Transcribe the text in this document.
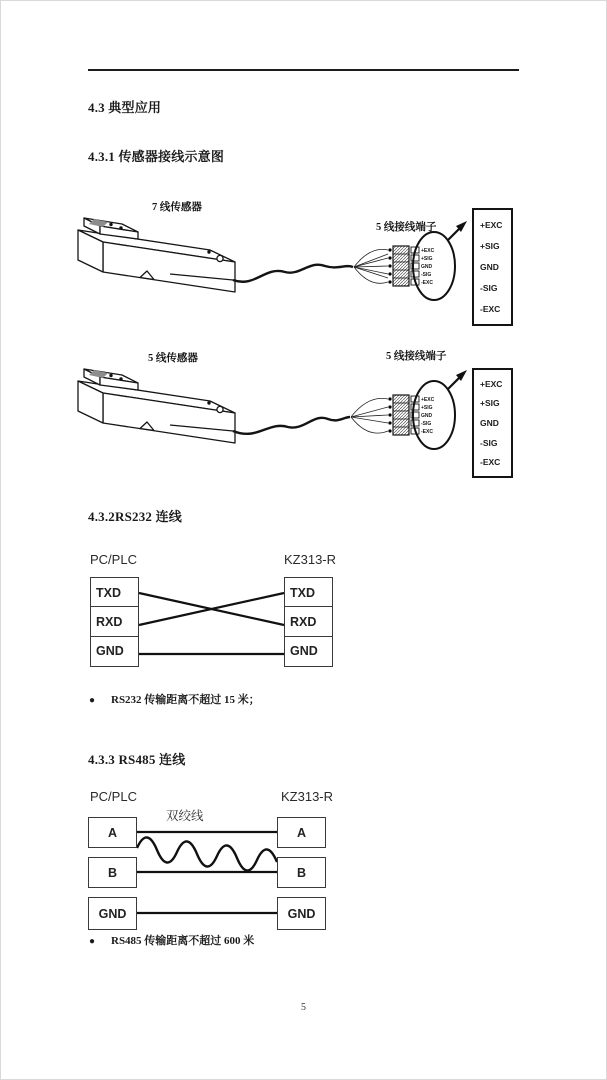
4.3 典型应用
4.3.1 传感器接线示意图
7 线传感器
5 线接线端子
+EXC
+SIG
GND
-SIG
-EXC
+EXC
+SIG
GND
-SIG
-EXC
5 线传感器	5 线接线端子
+EXC
+SIG
GND
-SIG
-EXC
+EXC
+SIG
GND
-SIG
-EXC
4.3.2RS232 连线
PC/PLC	KZ313-R
TXD
RXD
GND
TXD
RXD
GND
● RS232 传输距离不超过 15 米；
4.3.3 RS485 连线
PC/PLC	KZ313-R
双绞线
A
B
GND
A
B
GND
● RS485 传输距离不超过 600 米
5
